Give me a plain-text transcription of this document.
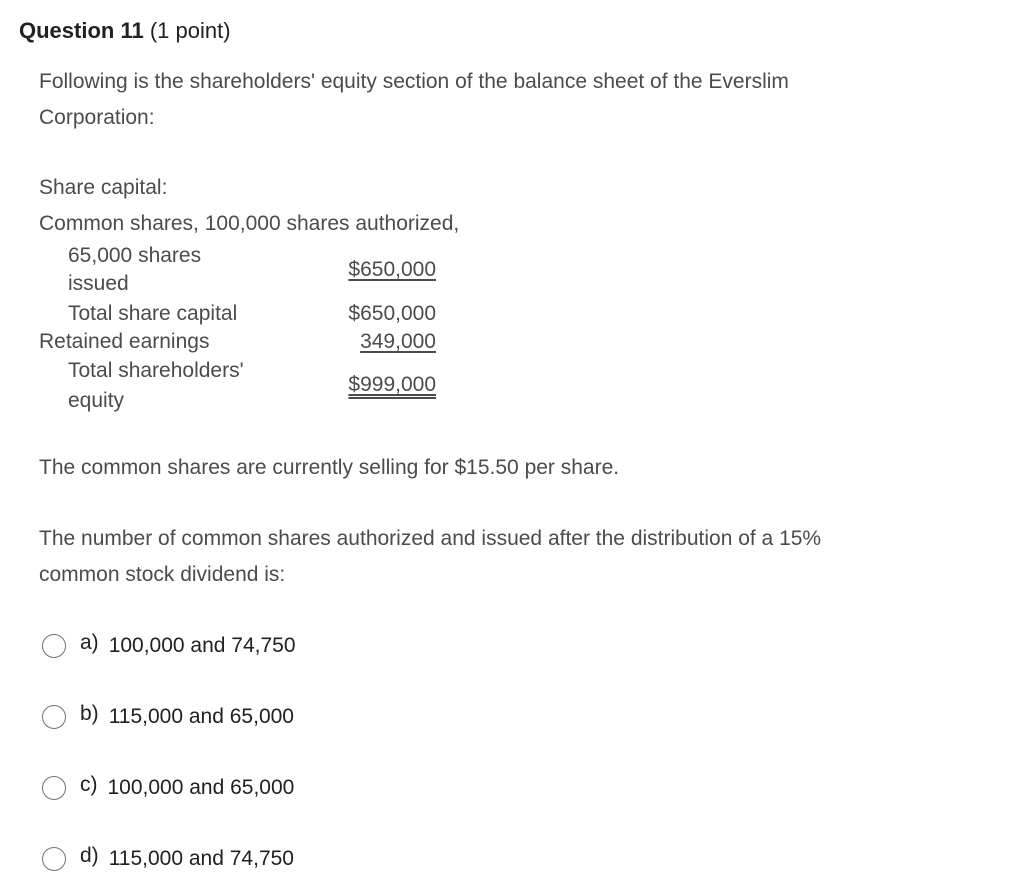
Question 11 (1 point)
Following is the shareholders' equity section of the balance sheet of the Everslim
Corporation:
Share capital:
Common shares, 100,000 shares authorized,
65,000 shares
issued
$650,000
Total share capital	$650,000
Retained earnings	349,000
Total shareholders'
equity
$999,000
The common shares are currently selling for $15.50 per share.
The number of common shares authorized and issued after the distribution of a 15%
common stock dividend is:
a) 100,000 and 74,750
b) 115,000 and 65,000
c) 100,000 and 65,000
d) 115,000 and 74,750
